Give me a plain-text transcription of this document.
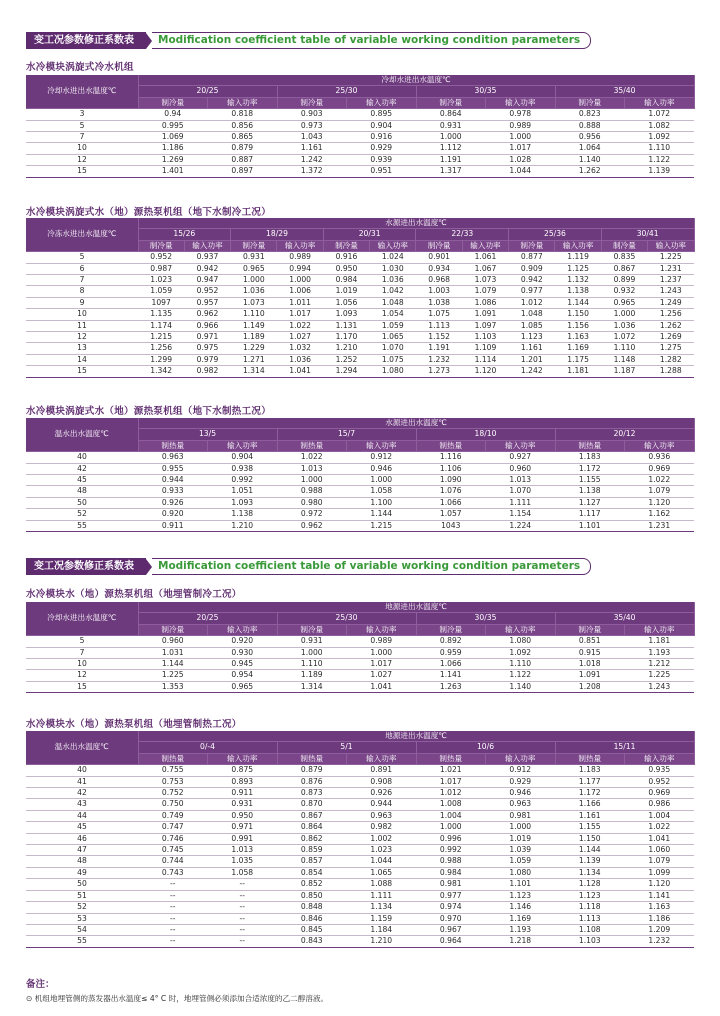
变工况参数修正系数表	Modification coefficient table of variable working condition parameters
水冷模块涡旋式冷水机组
冷却水进出水温度℃	冷却水进出水温度℃							
	20/25		25/30		30/35		35/40	
	制冷量	输入功率	制冷量	输入功率	制冷量	输入功率	制冷量	输入功率
3	0.94	0.818	0.903	0.895	0.864	0.978	0.823	1.072
5	0.995	0.856	0.973	0.904	0.931	0.989	0.888	1.082
7	1.069	0.865	1.043	0.916	1.000	1.000	0.956	1.092
10	1.186	0.879	1.161	0.929	1.112	1.017	1.064	1.110
12	1.269	0.887	1.242	0.939	1.191	1.028	1.140	1.122
15	1.401	0.897	1.372	0.951	1.317	1.044	1.262	1.139
水冷模块涡旋式水（地）源热泵机组（地下水制冷工况）
冷冻水进出水温度℃	水源进出水温度℃											
	15/26		18/29		20/31		22/33		25/36		30/41	
	制冷量	输入功率	制冷量	输入功率	制冷量	输入功率	制冷量	输入功率	制冷量	输入功率	制冷量	输入功率
5	0.952	0.937	0.931	0.989	0.916	1.024	0.901	1.061	0.877	1.119	0.835	1.225
6	0.987	0.942	0.965	0.994	0.950	1.030	0.934	1.067	0.909	1.125	0.867	1.231
7	1.023	0.947	1.000	1.000	0.984	1.036	0.968	1.073	0.942	1.132	0.899	1.237
8	1.059	0.952	1.036	1.006	1.019	1.042	1.003	1.079	0.977	1.138	0.932	1.243
9	1097	0.957	1.073	1.011	1.056	1.048	1.038	1.086	1.012	1.144	0.965	1.249
10	1.135	0.962	1.110	1.017	1.093	1.054	1.075	1.091	1.048	1.150	1.000	1.256
11	1.174	0.966	1.149	1.022	1.131	1.059	1.113	1.097	1.085	1.156	1.036	1.262
12	1.215	0.971	1.189	1.027	1.170	1.065	1.152	1.103	1.123	1.163	1.072	1.269
13	1.256	0.975	1.229	1.032	1.210	1.070	1.191	1.109	1.161	1.169	1.110	1.275
14	1.299	0.979	1.271	1.036	1.252	1.075	1.232	1.114	1.201	1.175	1.148	1.282
15	1.342	0.982	1.314	1.041	1.294	1.080	1.273	1.120	1.242	1.181	1.187	1.288
水冷模块涡旋式水（地）源热泵机组（地下水制热工况）
温水出水温度℃	水源进出水温度℃							
	13/5		15/7		18/10		20/12	
	制热量	输入功率	制热量	输入功率	制热量	输入功率	制热量	输入功率
40	0.963	0.904	1.022	0.912	1.116	0.927	1.183	0.936
42	0.955	0.938	1.013	0.946	1.106	0.960	1.172	0.969
45	0.944	0.992	1.000	1.000	1.090	1.013	1.155	1.022
48	0.933	1.051	0.988	1.058	1.076	1.070	1.138	1.079
50	0.926	1.093	0.980	1.100	1.066	1.111	1.127	1.120
52	0.920	1.138	0.972	1.144	1.057	1.154	1.117	1.162
55	0.911	1.210	0.962	1.215	1043	1.224	1.101	1.231
变工况参数修正系数表	Modification coefficient table of variable working condition parameters
水冷模块水（地）源热泵机组（地埋管制冷工况）
冷却水进出水温度℃	地源进出水温度℃							
	20/25		25/30		30/35		35/40	
	制冷量	输入功率	制冷量	输入功率	制冷量	输入功率	制冷量	输入功率
5	0.960	0.920	0.931	0.989	0.892	1.080	0.851	1.181
7	1.031	0.930	1.000	1.000	0.959	1.092	0.915	1.193
10	1.144	0.945	1.110	1.017	1.066	1.110	1.018	1.212
12	1.225	0.954	1.189	1.027	1.141	1.122	1.091	1.225
15	1.353	0.965	1.314	1.041	1.263	1.140	1.208	1.243
水冷模块水（地）源热泵机组（地埋管制热工况）
温水出水温度℃	地源进出水温度℃							
	0/-4		5/1		10/6		15/11	
	制热量	输入功率	制热量	输入功率	制热量	输入功率	制热量	输入功率
40	0.755	0.875	0.879	0.891	1.021	0.912	1.183	0.935
41	0.753	0.893	0.876	0.908	1.017	0.929	1.177	0.952
42	0.752	0.911	0.873	0.926	1.012	0.946	1.172	0.969
43	0.750	0.931	0.870	0.944	1.008	0.963	1.166	0.986
44	0.749	0.950	0.867	0.963	1.004	0.981	1.161	1.004
45	0.747	0.971	0.864	0.982	1.000	1.000	1.155	1.022
46	0.746	0.991	0.862	1.002	0.996	1.019	1.150	1.041
47	0.745	1.013	0.859	1.023	0.992	1.039	1.144	1.060
48	0.744	1.035	0.857	1.044	0.988	1.059	1.139	1.079
49	0.743	1.058	0.854	1.065	0.984	1.080	1.134	1.099
50	--	--	0.852	1.088	0.981	1.101	1.128	1.120
51	--	--	0.850	1.111	0.977	1.123	1.123	1.141
52	--	--	0.848	1.134	0.974	1.146	1.118	1.163
53	--	--	0.846	1.159	0.970	1.169	1.113	1.186
54	--	--	0.845	1.184	0.967	1.193	1.108	1.209
55	--	--	0.843	1.210	0.964	1.218	1.103	1.232
备注：
⊙ 机组地埋管侧的蒸发器出水温度≤ 4° C 时，地埋管侧必须添加合适浓度的乙二醇溶液。
